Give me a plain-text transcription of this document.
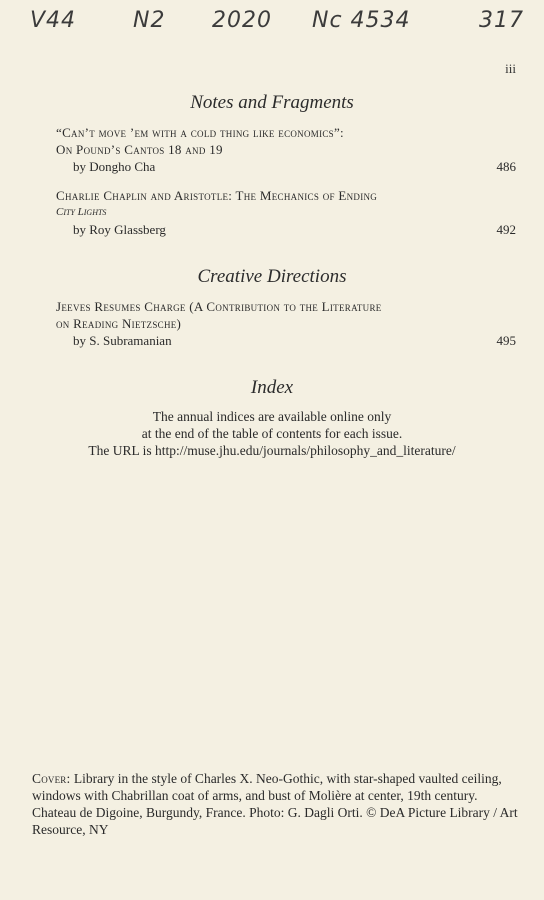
V44	N2 2020 Nc 4534	317
iii
Notes and Fragments
“Can’t move ’em with a cold thing like economics”:
On Pound’s Cantos 18 and 19
by Dongho Cha	486
Charlie Chaplin and Aristotle: The Mechanics of Ending
City Lights
by Roy Glassberg	492
Creative Directions
Jeeves Resumes Charge (A Contribution to the Literature
on Reading Nietzsche)
by S. Subramanian	495
Index
The annual indices are available online only
at the end of the table of contents for each issue.
The URL is http://muse.jhu.edu/journals/philosophy_and_literature/
Cover: Library in the style of Charles X. Neo-Gothic, with star-shaped vaulted ceiling, windows with Chabrillan coat of arms, and bust of Molière at center, 19th century. Chateau de Digoine, Burgundy, France. Photo: G. Dagli Orti. © DeA Picture Library / Art Resource, NY
